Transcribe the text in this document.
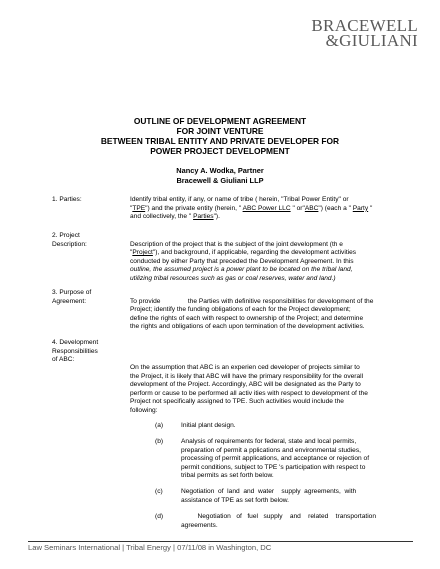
BRACEWELL
&GIULIANI
OUTLINE OF DEVELOPMENT AGREEMENT
FOR JOINT VENTURE
BETWEEN TRIBAL ENTITY AND PRIVATE DEVELOPER FOR
POWER PROJECT DEVELOPMENT
Nancy A. Wodka, Partner
Bracewell & Giuliani LLP
1. Parties:	Identify tribal entity, if any, or name of tribe ( herein, "Tribal Power Entity" or
"TPE") and the private entity (herein, " ABC Power LLC " or"ABC") (each a " Party "
and collectively, the " Parties").
2. Project
Description:	Description of the project that is the subject of the joint development (th e
"Project"), and background, if applicable, regarding the development activities
conducted by either Party that preceded the Development Agreement. In this
outline, the assumed project is a power plant to be located on the tribal land,
utilizing tribal resources such as gas or coal reserves, water and land.)
3. Purpose of
Agreement:	To provide               the Parties with definitive responsibilities for development of the
Project; identify the funding obligations of each for the Project development;
define the rights of each with respect to ownership of the Project; and determine
the rights and obligations of each upon termination of the development activities.
4. Development
Responsibilities
of ABC:
On the assumption that ABC is an experien ced developer of projects similar to
the Project, it is likely that ABC will have the primary responsibility for the overall
development of the Project. Accordingly, ABC will be designated as the Party to
perform or cause to be performed all activ ities with respect to development of the
Project not specifically assigned to TPE. Such activities would include the
following:
(a)	Initial plant design.
(b)	Analysis of requirements for federal, state and local permits,
preparation of permit a pplications and environmental studies,
processing of permit applications, and acceptance or rejection of
permit conditions, subject to TPE 's participation with respect to
tribal permits as set forth below.
(c)	Negotiation  of  land  and  water    supply  agreements,  with
assistance of TPE as set forth below.
(d)	Negotiation   of   fuel   supply    and    related    transportation
agreements.
Law Seminars International | Tribal Energy | 07/11/08 in Washington, DC
